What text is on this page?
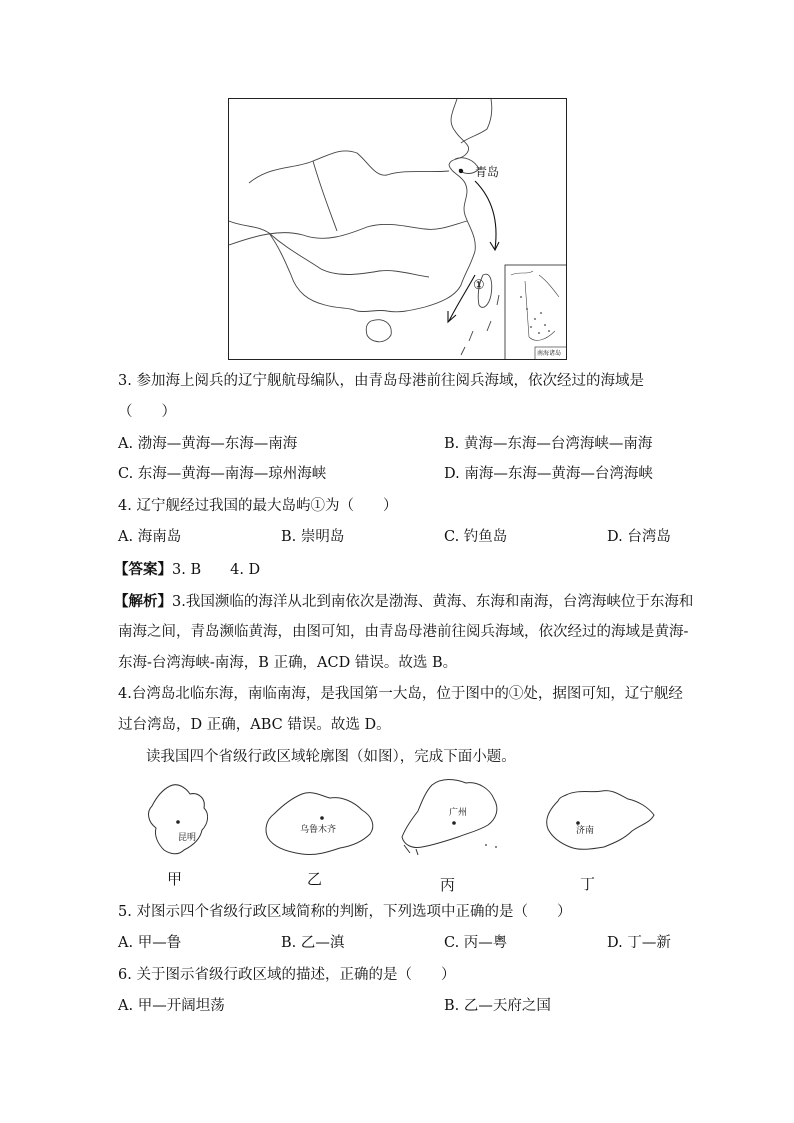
青岛
①
南海诸岛
3. 参加海上阅兵的辽宁舰航母编队，由青岛母港前往阅兵海域，依次经过的海域是
（　　）
A. 渤海—黄海—东海—南海	B. 黄海—东海—台湾海峡—南海
C. 东海—黄海—南海—琼州海峡	D. 南海—东海—黄海—台湾海峡
4. 辽宁舰经过我国的最大岛屿①为（　　）
A. 海南岛	B. 崇明岛	C. 钓鱼岛	D. 台湾岛
【答案】3. B　　4. D
【解析】3.我国濒临的海洋从北到南依次是渤海、黄海、东海和南海，台湾海峡位于东海和
南海之间，青岛濒临黄海，由图可知，由青岛母港前往阅兵海域，依次经过的海域是黄海-
东海-台湾海峡-南海，B 正确，ACD 错误。故选 B。
4.台湾岛北临东海，南临南海，是我国第一大岛，位于图中的①处，据图可知，辽宁舰经
过台湾岛，D 正确，ABC 错误。故选 D。
读我国四个省级行政区域轮廓图（如图），完成下面小题。
昆明
甲
乌鲁木齐
乙
广州
丙
济南
丁
5. 对图示四个省级行政区域简称的判断，下列选项中正确的是（　　）
A. 甲—鲁	B. 乙—滇	C. 丙—粤	D. 丁—新
6. 关于图示省级行政区域的描述，正确的是（　　）
A. 甲—开阔坦荡	B. 乙—天府之国
